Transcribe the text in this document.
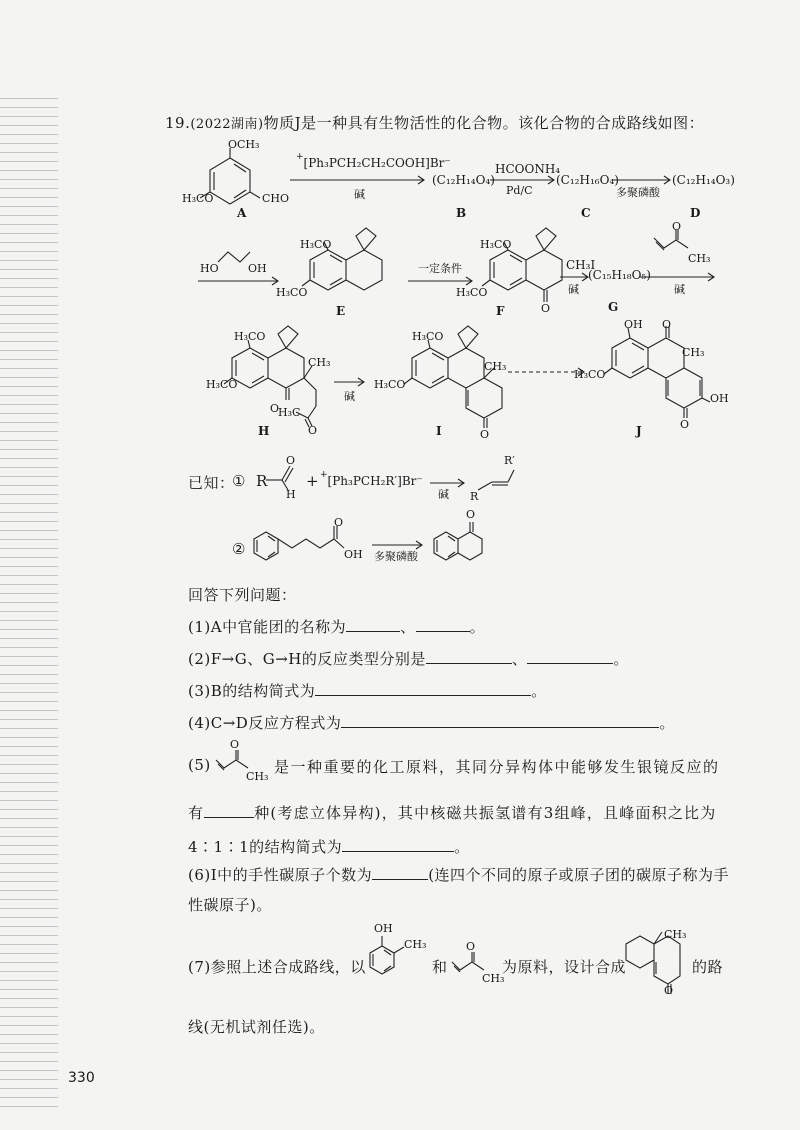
19.(2022湖南)物质J是一种具有生物活性的化合物。该化合物的合成路线如图：
OCH₃
H₃CO	CHO
A
+[Ph₃PCH₂CH₂COOH]Br⁻
碱
(C₁₂H₁₄O₄)
B
HCOONH₄
Pd/C
(C₁₂H₁₆O₄)
C
多聚磷酸
(C₁₂H₁₄O₃)
D
HO	OH
H₃CO
H₃CO
E
一定条件
H₃CO
H₃CO
O
F
CH₃I
碱
(C₁₅H₁₈O₅)
G
O
CH₃
碱
H₃CO
H₃CO
CH₃
O
H₃C
O
H
碱
H₃CO
H₃CO
CH₃
O
I
OH O
H₃CO
CH₃
OH
O
J
已知：
① R
O
H
+ +[Ph₃PCH₂R′]Br⁻
碱 R
R′
②
O
OH 多聚磷酸
O
回答下列问题：
(1)A中官能团的名称为	、	。
(2)F→G、G→H的反应类型分别是	、	。
(3)B的结构简式为	。
(4)C→D反应方程式为	。
(5)
O
CH₃
是一种重要的化工原料，其同分异构体中能够发生银镜反应的
有	种(考虑立体异构)，其中核磁共振氢谱有3组峰，且峰面积之比为
4∶1∶1的结构简式为	。
(6)I中的手性碳原子个数为	(连四个不同的原子或原子团的碳原子称为手
性碳原子)。
(7)参照上述合成路线，以
OH
CH₃
和
O
CH₃
为原料，设计合成
CH₃
O
的路
线(无机试剂任选)。
330
